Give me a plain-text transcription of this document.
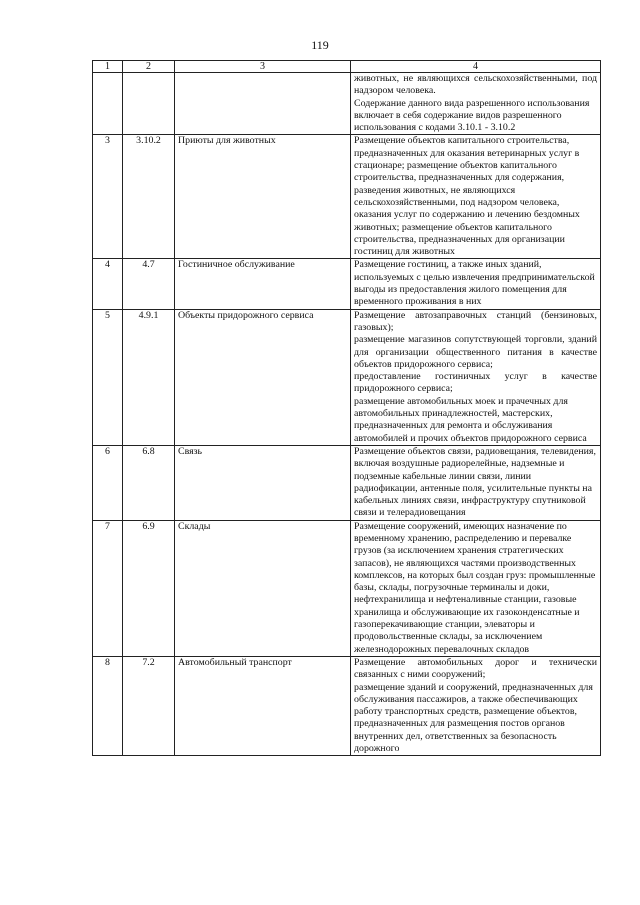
119
1	2	3	4

			животных, не являющихся сельскохозяйственными, под надзором человека.

Содержание данного вида разрешенного использования включает в себя содержание видов разрешенного использования с кодами 3.10.1 - 3.10.2

3	3.10.2	Приюты для животных	Размещение объектов капитального строительства, предназначенных для оказания ветеринарных услуг в стационаре; размещение объектов капитального строительства, предназначенных для содержания, разведения животных, не являющихся сельскохозяйственными, под надзором человека, оказания услуг по содержанию и лечению бездомных животных; размещение объектов капитального строительства, предназначенных для организации гостиниц для животных

4	4.7	Гостиничное обслуживание	Размещение гостиниц, а также иных зданий, используемых с целью извлечения предпринимательской выгоды из предоставления жилого помещения для временного проживания в них

5	4.9.1	Объекты придорожного сервиса	Размещение автозаправочных станций (бензиновых, газовых);

размещение магазинов сопутствующей торговли, зданий для организации общественного питания в качестве объектов придорожного сервиса;

предоставление гостиничных услуг в качестве придорожного сервиса;

размещение автомобильных моек и прачечных для автомобильных принадлежностей, мастерских, предназначенных для ремонта и обслуживания автомобилей и прочих объектов придорожного сервиса

6	6.8	Связь	Размещение объектов связи, радиовещания, телевидения, включая воздушные радиорелейные, надземные и подземные кабельные линии связи, линии радиофикации, антенные поля, усилительные пункты на кабельных линиях связи, инфраструктуру спутниковой связи и телерадиовещания

7	6.9	Склады	Размещение сооружений, имеющих назначение по временному хранению, распределению и перевалке грузов (за исключением хранения стратегических запасов), не являющихся частями производственных комплексов, на которых был создан груз: промышленные базы, склады, погрузочные терминалы и доки, нефтехранилища и нефтеналивные станции, газовые хранилища и обслуживающие их газоконденсатные и газоперекачивающие станции, элеваторы и продовольственные склады, за исключением железнодорожных перевалочных складов

8	7.2	Автомобильный транспорт	Размещение автомобильных дорог и технически связанных с ними сооружений;

размещение зданий и сооружений, предназначенных для обслуживания пассажиров, а также обеспечивающих работу транспортных средств, размещение объектов, предназначенных для размещения постов органов внутренних дел, ответственных за безопасность дорожного
